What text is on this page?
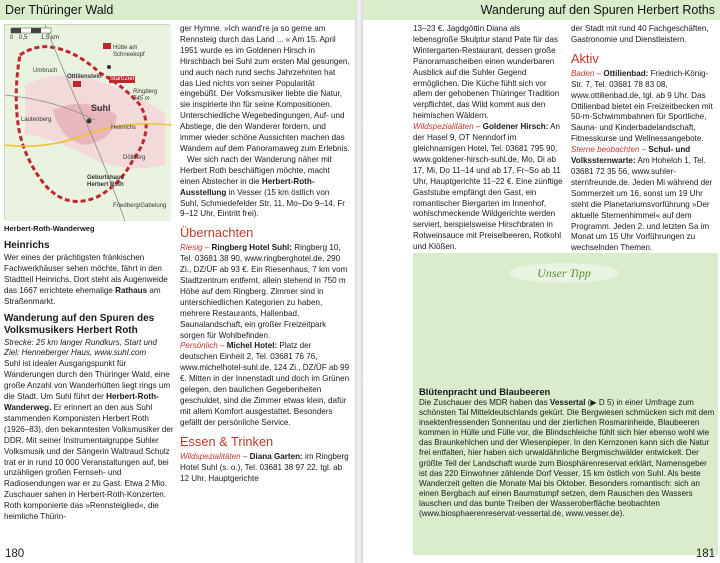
Der Thüringer Wald
0 0,5 1,5 km
Hütte am Schneekopf
Umbruch
Ottilienstein Start/Ziel
Ringberg 745 m
Suhl
Heinrichs
Lautenberg
Döllberg
Geburtshaus Herbert Roth
Friedberg/Gabelung
Herbert-Roth-Wanderweg
Heinrichs

Wer eines der prächtigsten fränkischen Fachwerkhäuser sehen möchte, fährt in den Stadtteil Heinrichs. Dort steht als Augenweide das 1667 errichtete ehemalige Rathaus am Straßenmarkt.

Wanderung auf den Spuren des Volksmusikers Herbert Roth

Strecke: 25 km langer Rundkurs, Start und Ziel: Henneberger Haus, www.suhl.com

Suhl ist idealer Ausgangspunkt für Wanderungen durch den Thüringer Wald, eine große Anzahl von Wanderhütten liegt rings um die Stadt. Um Suhl führt der Herbert-Roth-Wanderweg. Er erinnert an den aus Suhl stammenden Komponisten Herbert Roth (1926–83), den bekanntesten Volksmusiker der DDR. Mit seiner Instrumentalgruppe Suhler Volksmusik und der Sängerin Waltraud Schulz trat er in rund 10 000 Veranstaltungen auf, bei unzähligen großen Fernseh- und Radiosendungen war er zu Gast. Etwa 2 Mio. Zuschauer sahen in Herbert-Roth-Konzerten. Roth komponierte das »Rennsteiglied«, die heimliche Thürin-

ger Hymne. »Ich wand're ja so gerne am Rennsteig durch das Land ... « Am 15. April 1951 wurde es im Goldenen Hirsch in Hirschbach bei Suhl zum ersten Mal gesungen, und auch nach rund sechs Jahrzehnten hat das Lied nichts von seiner Popularität eingebüßt. Der Volksmusiker liebte die Natur, sie inspirierte ihn für seine Kompositionen. Unterschiedliche Wegebedingungen, Auf- und Abstiege, die den Wanderer fordern, und immer wieder schöne Aussichten machen das Wandern auf dem Panoramaweg zum Erlebnis.

Wer sich nach der Wanderung näher mit Herbert Roth beschäftigen möchte, macht einen Abstecher in die Herbert-Roth-Ausstellung in Vesser (15 km östlich von Suhl, Schmiedefelder Str. 11, Mo–Do 9–14, Fr 9–12 Uhr, Eintritt frei).

Übernachten

Riesig – Ringberg Hotel Suhl: Ringberg 10, Tel. 03681 38 90, www.ringberghotel.de, 290 Zi., DZ/ÜF ab 93 €. Ein Riesenhaus, 7 km vom Stadtzentrum entfernt, allein stehend in 750 m Höhe auf dem Ringberg. Zimmer sind in unterschiedlichen Kategorien zu haben, mehrere Restaurants, Hallenbad, Saunalandschaft, ein großer Freizeitpark sorgen für Wohlbefinden.

Persönlich – Michel Hotel: Platz der deutschen Einheit 2, Tel. 03681 76 76, www.michelhotel-suhl.de, 124 Zi., DZ/ÜF ab 99 €. Mitten in der Innenstadt und doch im Grünen gelegen, den baulichen Gegebenheiten geschuldet, sind die Zimmer etwas klein, dafür mit allem Komfort ausgestattet. Besonders gefällt der persönliche Service.

Essen & Trinken

Wildspezialitäten – Diana Garten: im Ringberg Hotel Suhl (s. o.), Tel. 03681 38 97 22, tgl. ab 12 Uhr, Hauptgerichte

180
Wanderung auf den Spuren Herbert Roths

13–23 €. Jagdgöttin Diana als lebensgroße Skulptur stand Pate für das Wintergarten-Restaurant, dessen große Panoramascheiben einen wunderbaren Ausblick auf die Suhler Gegend ermöglichen. Die Küche fühlt sich vor allem der gehobenen Thüringer Tradition verpflichtet, das Wild kommt aus den heimischen Wäldern.

Wildspezialitäten – Goldener Hirsch: An der Hasel 9, OT Nenndorf im gleichnamigen Hotel, Tel. 03681 795 90, www.goldener-hirsch-suhl.de, Mo, Di ab 17, Mi, Do 11–14 und ab 17, Fr–So ab 11 Uhr, Hauptgerichte 11–22 €. Eine zünftige Gaststube empfängt den Gast, ein romantischer Biergarten im Innenhof, wohlschmeckende Wildgerichte werden serviert, beispielsweise Hirschbraten in Rotweinsauce mit Preiselbeeren, Rotkohl und Klößen.

der Stadt mit rund 40 Fachgeschäften, Gastronomie und Dienstleistern.

Aktiv

Baden – Ottilienbad: Friedrich-König-Str. 7, Tel. 03681 78 83 08, www.ottilienbad.de, tgl. ab 9 Uhr. Das Ottilienbad bietet ein Freizeitbecken mit 50-m-Schwimmbahnen für Sportliche, Sauna- und Kinderbadelandschaft, Fitnesskurse und Wellnessangebote.

Sterne beobachten – Schul- und Volkssternwarte: Am Hoheloh 1, Tel. 03681 72 35 56, www.suhler-sternfreunde.de. Jeden Mi während der Sommerzeit um 16, sonst um 19 Uhr steht die Planetariumsvorführung »Der aktuelle Sternenhimmel« auf dem Programm. Jeden 2. und letzten Sa im Monat um 15 Uhr Vorführungen zu wechselnden Themen.

Unser Tipp
Blütenpracht und Blaubeeren
Die Zuschauer des MDR haben das Vessertal (▶ D 5) in einer Umfrage zum schönsten Tal Mitteldeutschlands gekürt. Die Bergwiesen schmücken sich mit dem insektenfressenden Sonnentau und der zierlichen Rosmarinheide, Blaubeeren kommen in Hülle und Fülle vor, die Blindschleiche fühlt sich hier ebenso wohl wie das Braunkehlchen und der Wiesenpieper. In den Kernzonen kann sich die Natur frei entfalten, hier haben sich urwaldähnliche Bergmischwälder entwickelt. Der größte Teil der Landschaft wurde zum Biosphärenreservat erklärt, Namensgeber ist das 220 Einwohner zählende Dorf Vesser, 15 km östlich von Suhl. Als beste Wanderzeit gelten die Monate Mai bis Oktober. Besonders romantisch: sich an einen Bergbach auf einen Baumstumpf setzen, dem Rauschen des Wassers lauschen und das bunte Treiben der Wasseroberfläche beobachten (www.biosphaerenreservat-vessertal.de, www.vesser.de).
181
